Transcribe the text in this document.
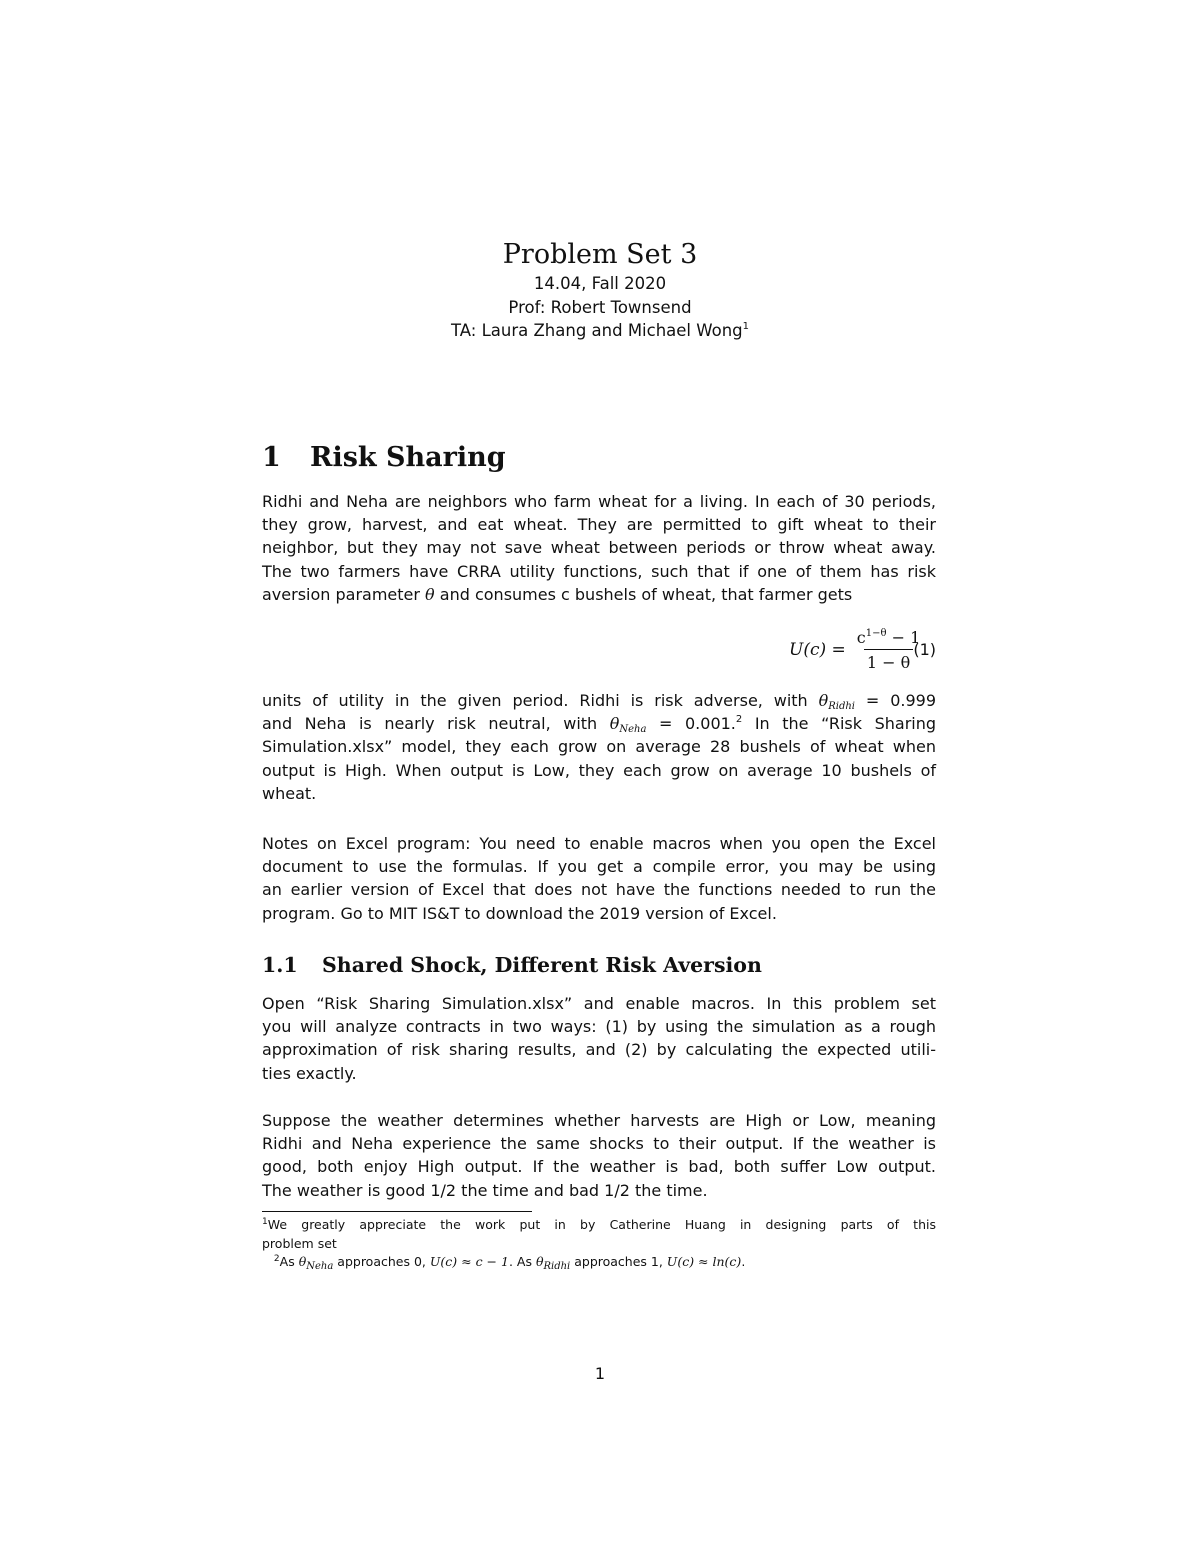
Problem Set 3
14.04, Fall 2020
Prof: Robert Townsend
TA: Laura Zhang and Michael Wong$^1$
1 Risk Sharing
Ridhi and Neha are neighbors who farm wheat for a living. In each of 30 periods,
they grow, harvest, and eat wheat. They are permitted to gift wheat to their
neighbor, but they may not save wheat between periods or throw wheat away.
The two farmers have CRRA utility functions, such that if one of them has risk
aversion parameter θ and consumes c bushels of wheat, that farmer gets
$U(c) = \frac{c^{1-\theta} - 1}{1 - \theta}$
(1)
units of utility in the given period. Ridhi is risk adverse, with $\theta_{Ridhi} = 0.999$
and Neha is nearly risk neutral, with $\theta_{Neha} = 0.001.^2$ In the “Risk Sharing
Simulation.xlsx” model, they each grow on average 28 bushels of wheat when
output is High. When output is Low, they each grow on average 10 bushels of
wheat.
Notes on Excel program: You need to enable macros when you open the Excel
document to use the formulas. If you get a compile error, you may be using
an earlier version of Excel that does not have the functions needed to run the
program. Go to MIT IS&T to download the 2019 version of Excel.
1.1 Shared Shock, Different Risk Aversion
Open “Risk Sharing Simulation.xlsx” and enable macros. In this problem set
you will analyze contracts in two ways: (1) by using the simulation as a rough
approximation of risk sharing results, and (2) by calculating the expected utili-
ties exactly.
Suppose the weather determines whether harvests are High or Low, meaning
Ridhi and Neha experience the same shocks to their output. If the weather is
good, both enjoy High output. If the weather is bad, both suffer Low output.
The weather is good 1/2 the time and bad 1/2 the time.
$^1$We greatly appreciate the work put in by Catherine Huang in designing parts of this
problem set
$^2$As $\theta_{Neha}$ approaches 0, U(c) ≈ c − 1. As $\theta_{Ridhi}$ approaches 1, U(c) ≈ ln(c).
1
